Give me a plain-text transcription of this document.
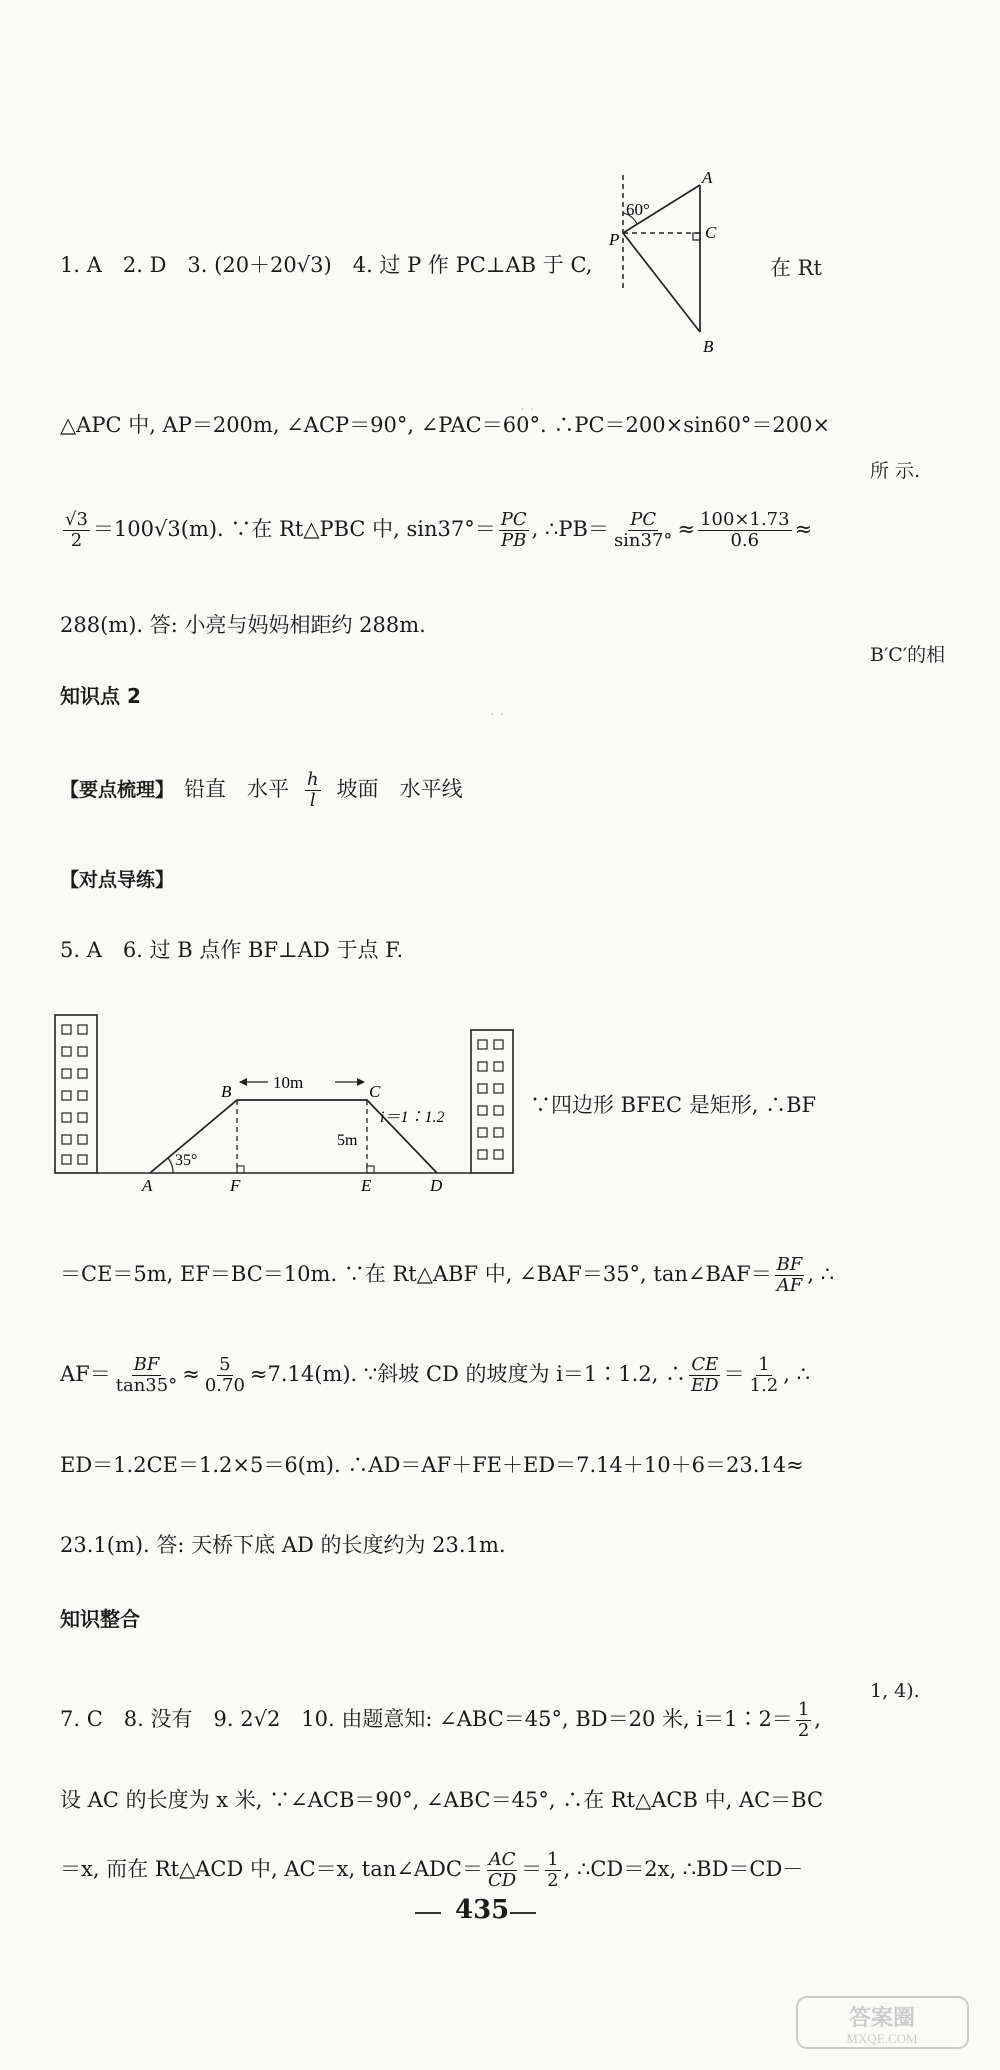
1. A　2. D　3. (20＋20√3)　4. 过 P 作 PC⊥AB 于 C,	在 Rt
60°
A
P	C
B
△APC 中, AP＝200m, ∠ACP＝90°, ∠PAC＝60°. ∴PC＝200×sin60°＝200×
所 示.
· ·
$\frac{√3}{2} =100√3(m)$. ∵在 Rt△PBC 中, $\sin 37^\circ= \frac{PC}{PB}$ , ∴PB＝ $\frac{PC}{\sin 37^\circ} \approx \frac{100\times 1.73}{0.6}$ ≈
288(m). 答: 小亮与妈妈相距约 288m.
B′C′的相
知识点 2
· ·
【要点梳理】 铅直　水平 $\frac{h}{l}$ 坡面　水平线
【对点导练】
5. A　6. 过 B 点作 BF⊥AD 于点 F.
10m
B	C
i＝1∶1.2
5m
35°
A	F	E	D
∵四边形 BFEC 是矩形, ∴BF
＝CE＝5m, EF＝BC＝10m. ∵在 Rt△ABF 中, ∠BAF＝35°, tan∠BAF＝ $\frac{BF}{AF}$ , ∴
$AF= \frac{BF}{\tan 35^\circ} \approx \frac{5}{0.70} \approx 7.14(m)$. ∵斜坡 CD 的坡度为 i＝1∶1.2, ∴ $\frac{CE}{ED} = \frac{1}{1.2}$ , ∴
ED＝1.2CE＝1.2×5＝6(m). ∴AD＝AF＋FE＋ED＝7.14＋10＋6＝23.14≈
23.1(m). 答: 天桥下底 AD 的长度约为 23.1m.
知识整合
1, 4).
7. C　8. 没有　9. 2√2　10. 由题意知: ∠ABC＝45°, BD＝20 米, i＝1∶2＝ $\frac{1}{2}$ ,
设 AC 的长度为 x 米, ∵∠ACB＝90°, ∠ABC＝45°, ∴在 Rt△ACB 中, AC＝BC
＝x, 而在 Rt△ACD 中, AC＝x, tan∠ADC＝ $\frac{AC}{CD} = \frac{1}{2}$ , ∴CD＝2x, ∴BD＝CD－
435
答案圈
MXQE.COM
